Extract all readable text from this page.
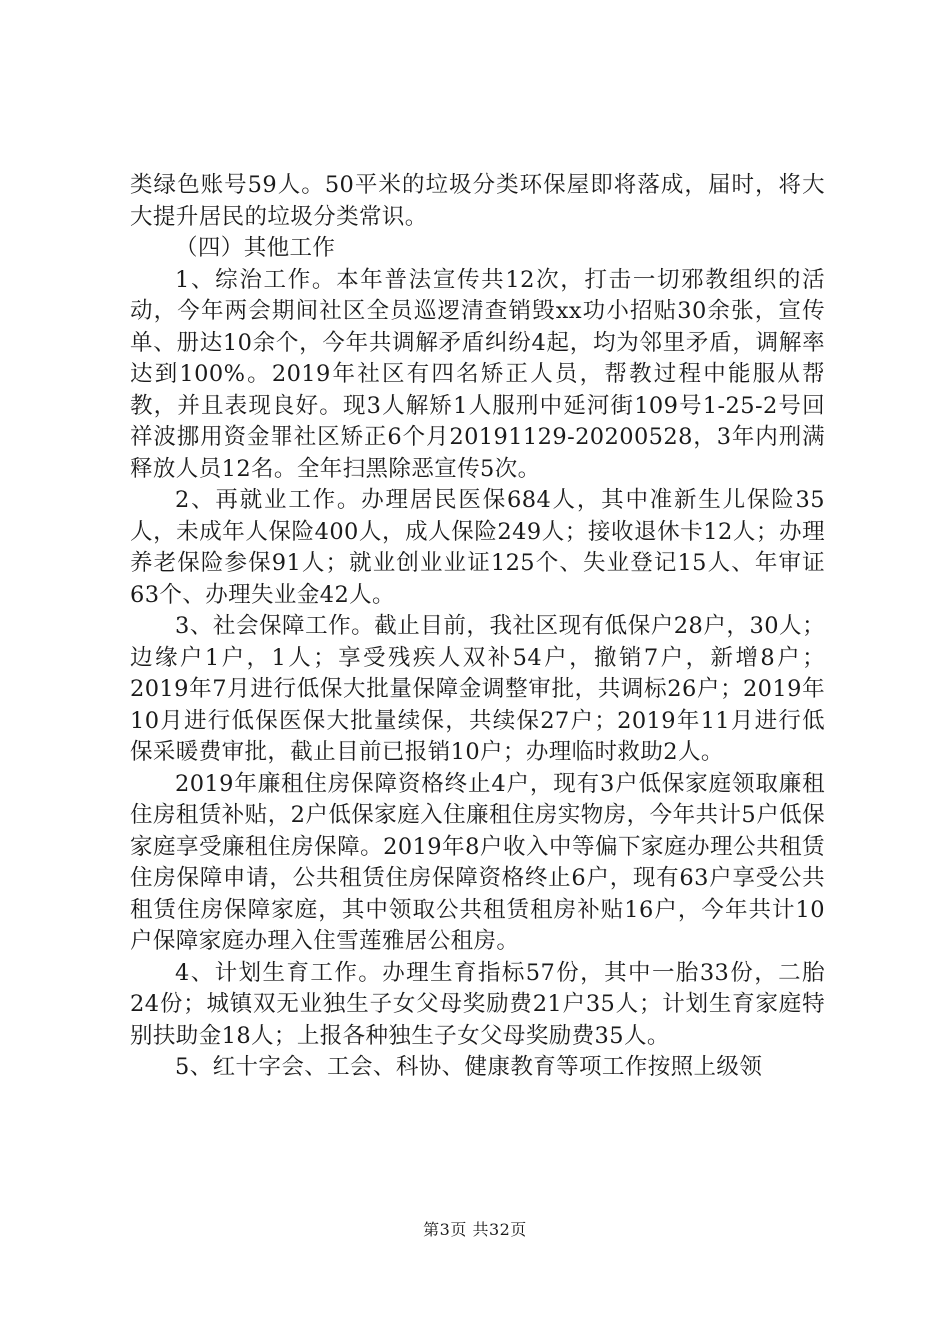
类绿色账号59人。50平米的垃圾分类环保屋即将落成，届时，将大大提升居民的垃圾分类常识。

（四）其他工作

1、综治工作。本年普法宣传共12次，打击一切邪教组织的活动，今年两会期间社区全员巡逻清查销毁xx功小招贴30余张，宣传单、册达10余个，今年共调解矛盾纠纷4起，均为邻里矛盾，调解率达到100%。2019年社区有四名矫正人员，帮教过程中能服从帮教，并且表现良好。现3人解矫1人服刑中延河街109号1-25-2号回祥波挪用资金罪社区矫正6个月20191129-20200528，3年内刑满释放人员12名。全年扫黑除恶宣传5次。

2、再就业工作。办理居民医保684人，其中准新生儿保险35人，未成年人保险400人，成人保险249人；接收退休卡12人；办理养老保险参保91人；就业创业业证125个、失业登记15人、年审证63个、办理失业金42人。

3、社会保障工作。截止目前，我社区现有低保户28户，30人；边缘户1户，1人；享受残疾人双补54户，撤销7户，新增8户；2019年7月进行低保大批量保障金调整审批，共调标26户；2019年10月进行低保医保大批量续保，共续保27户；2019年11月进行低保采暖费审批，截止目前已报销10户；办理临时救助2人。

2019年廉租住房保障资格终止4户，现有3户低保家庭领取廉租住房租赁补贴，2户低保家庭入住廉租住房实物房，今年共计5户低保家庭享受廉租住房保障。2019年8户收入中等偏下家庭办理公共租赁住房保障申请，公共租赁住房保障资格终止6户，现有63户享受公共租赁住房保障家庭，其中领取公共租赁租房补贴16户，今年共计10户保障家庭办理入住雪莲雅居公租房。

4、计划生育工作。办理生育指标57份，其中一胎33份，二胎24份；城镇双无业独生子女父母奖励费21户35人；计划生育家庭特别扶助金18人；上报各种独生子女父母奖励费35人。

5、红十字会、工会、科协、健康教育等项工作按照上级领

第3页 共32页
